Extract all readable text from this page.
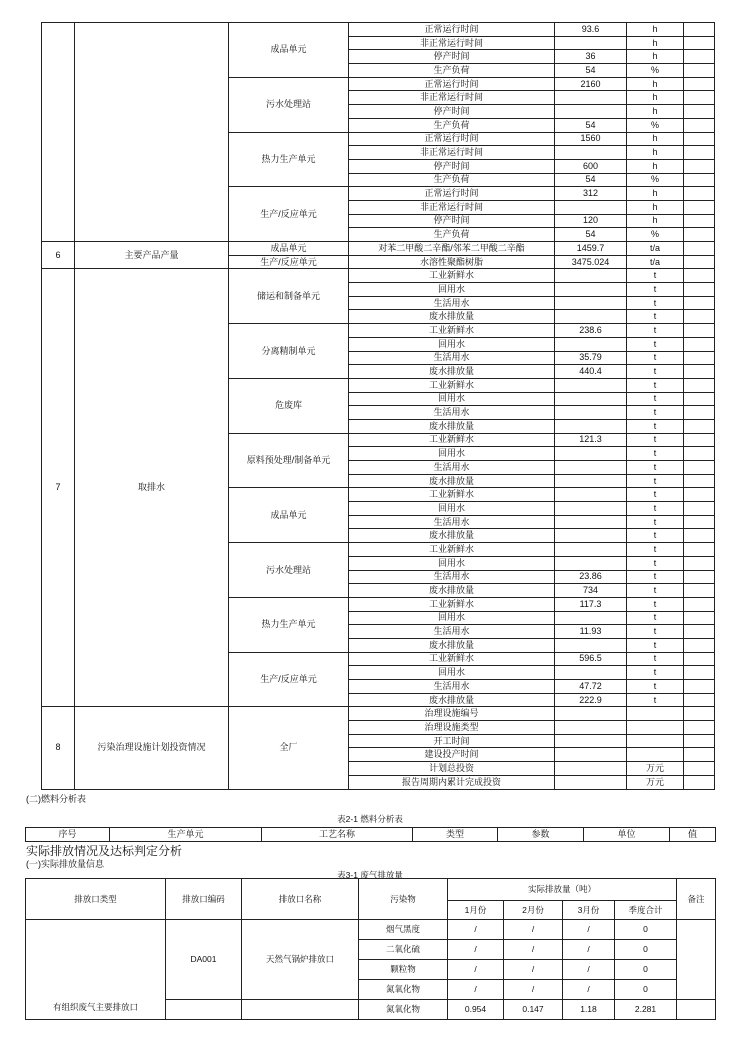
		成品单元	正常运行时间	93.6	h	
			非正常运行时间		h	
			停产时间	36	h	
			生产负荷	54	%	
		污水处理站	正常运行时间	2160	h	
			非正常运行时间		h	
			停产时间		h	
			生产负荷	54	%	
		热力生产单元	正常运行时间	1560	h	
			非正常运行时间		h	
			停产时间	600	h	
			生产负荷	54	%	
		生产/反应单元	正常运行时间	312	h	
			非正常运行时间		h	
			停产时间	120	h	
			生产负荷	54	%	
6	主要产品产量	成品单元	对苯二甲酸二辛酯/邻苯二甲酸二辛酯	1459.7	t/a	
		生产/反应单元	水溶性聚酯树脂	3475.024	t/a	
7	取排水	储运和制备单元	工业新鲜水		t	
			回用水		t	
			生活用水		t	
			废水排放量		t	
		分离精制单元	工业新鲜水	238.6	t	
			回用水		t	
			生活用水	35.79	t	
			废水排放量	440.4	t	
		危废库	工业新鲜水		t	
			回用水		t	
			生活用水		t	
			废水排放量		t	
		原料预处理/制备单元	工业新鲜水	121.3	t	
			回用水		t	
			生活用水		t	
			废水排放量		t	
		成品单元	工业新鲜水		t	
			回用水		t	
			生活用水		t	
			废水排放量		t	
		污水处理站	工业新鲜水		t	
			回用水		t	
			生活用水	23.86	t	
			废水排放量	734	t	
		热力生产单元	工业新鲜水	117.3	t	
			回用水		t	
			生活用水	11.93	t	
			废水排放量		t	
		生产/反应单元	工业新鲜水	596.5	t	
			回用水		t	
			生活用水	47.72	t	
			废水排放量	222.9	t	
8	污染治理设施计划投资情况	全厂	治理设施编号			
			治理设施类型			
			开工时间			
			建设投产时间			
			计划总投资		万元	
			报告周期内累计完成投资		万元	
(二)燃料分析表
表2-1 燃料分析表
序号	生产单元	工艺名称	类型	参数	单位	值
实际排放情况及达标判定分析
(一)实际排放量信息
表3-1 废气排放量
排放口类型	排放口编码	排放口名称	污染物	实际排放量（吨）				备注
				1月份	2月份	3月份	季度合计	
有组织废气主要排放口	DA001	天然气锅炉排放口	烟气黑度	/	/	/	0	
			二氧化硫	/	/	/	0	
			颗粒物	/	/	/	0	
			氮氧化物	/	/	/	0	
			氮氧化物	0.954	0.147	1.18	2.281	
